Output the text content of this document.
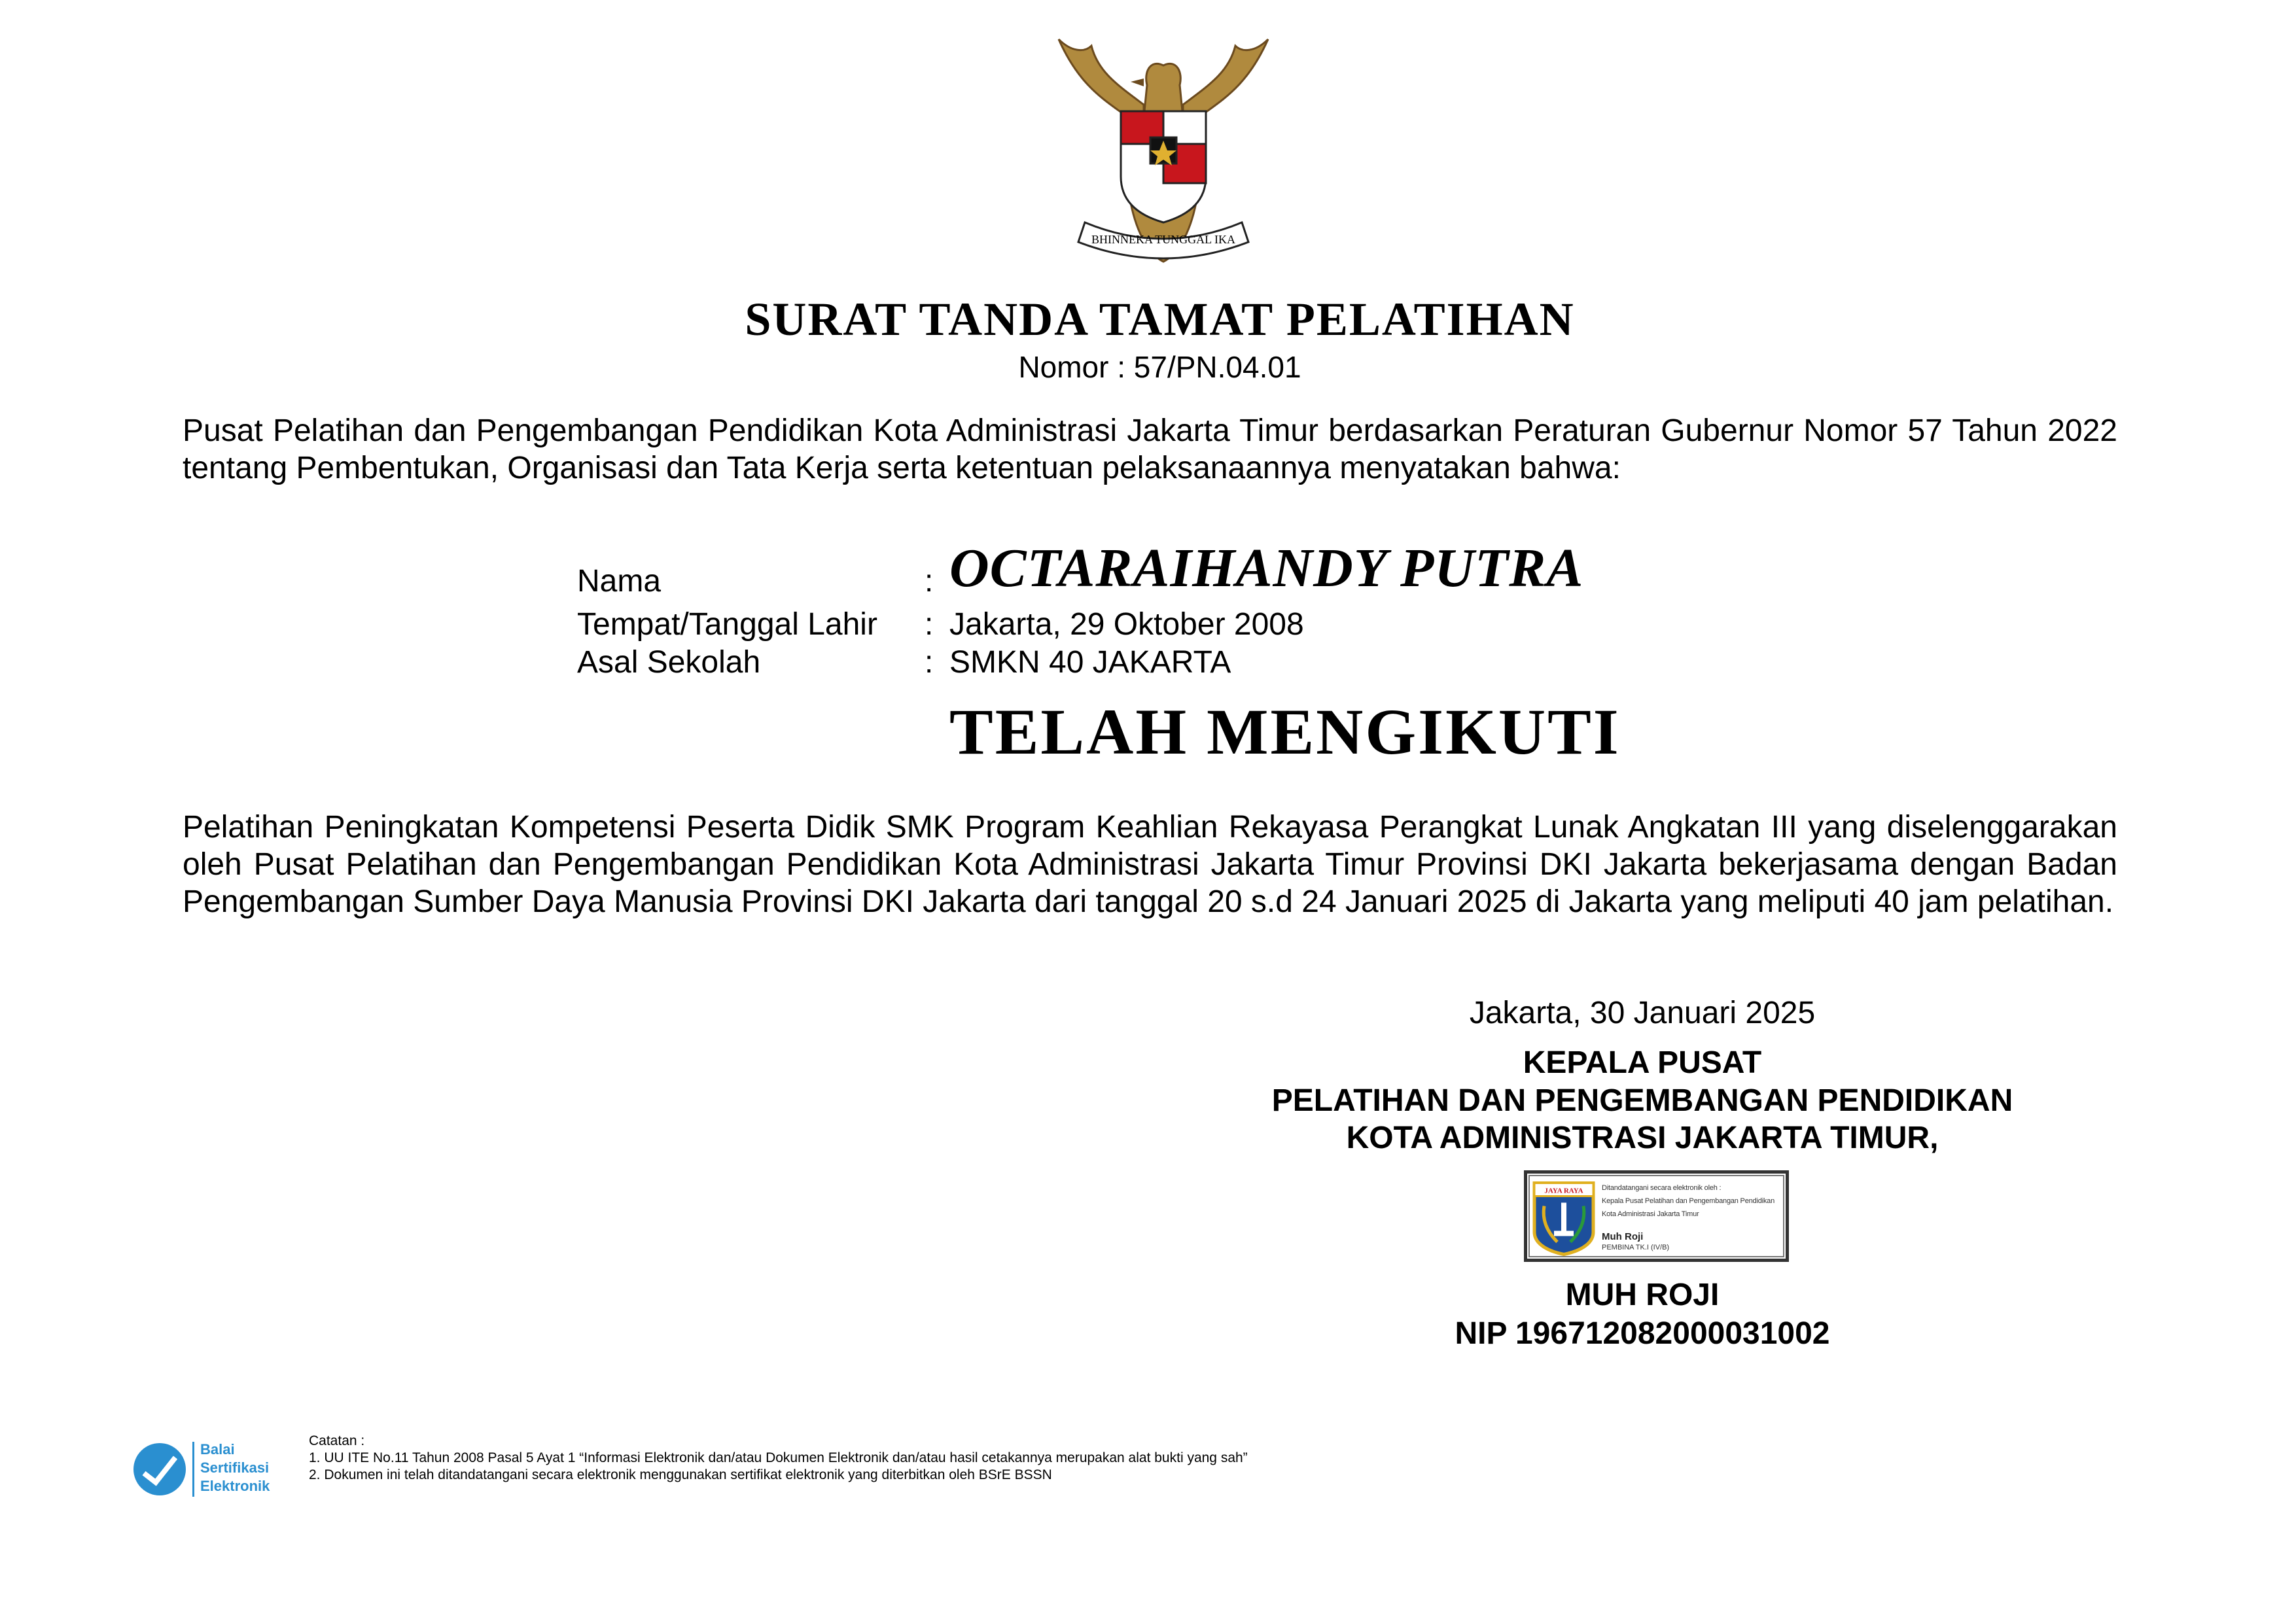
BHINNEKA TUNGGAL IKA
SURAT TANDA TAMAT PELATIHAN
Nomor : 57/PN.04.01
Pusat Pelatihan dan Pengembangan Pendidikan Kota Administrasi Jakarta Timur berdasarkan Peraturan Gubernur Nomor 57 Tahun 2022 tentang Pembentukan, Organisasi dan Tata Kerja serta ketentuan pelaksanaannya menyatakan bahwa:
Nama	: OCTARAIHANDY PUTRA
Tempat/Tanggal Lahir : Jakarta, 29 Oktober 2008
Asal Sekolah	: SMKN 40 JAKARTA
TELAH MENGIKUTI
Pelatihan Peningkatan Kompetensi Peserta Didik SMK Program Keahlian Rekayasa Perangkat Lunak Angkatan III yang diselenggarakan oleh Pusat Pelatihan dan Pengembangan Pendidikan Kota Administrasi Jakarta Timur Provinsi DKI Jakarta bekerjasama dengan Badan Pengembangan Sumber Daya Manusia Provinsi DKI Jakarta dari tanggal 20 s.d 24 Januari 2025 di Jakarta yang meliputi 40 jam pelatihan.
Jakarta, 30 Januari 2025
KEPALA PUSAT
PELATIHAN DAN PENGEMBANGAN PENDIDIKAN
KOTA ADMINISTRASI JAKARTA TIMUR,
JAYA RAYA	Ditandatangani secara elektronik oleh :
Kepala Pusat Pelatihan dan Pengembangan Pendidikan
Kota Administrasi Jakarta Timur
Muh Roji
PEMBINA TK.I (IV/B)
MUH ROJI
NIP 196712082000031002
Balai
Sertifikasi
Elektronik
Catatan :
1. UU ITE No.11 Tahun 2008 Pasal 5 Ayat 1 “Informasi Elektronik dan/atau Dokumen Elektronik dan/atau hasil cetakannya merupakan alat bukti yang sah”
2. Dokumen ini telah ditandatangani secara elektronik menggunakan sertifikat elektronik yang diterbitkan oleh BSrE BSSN
